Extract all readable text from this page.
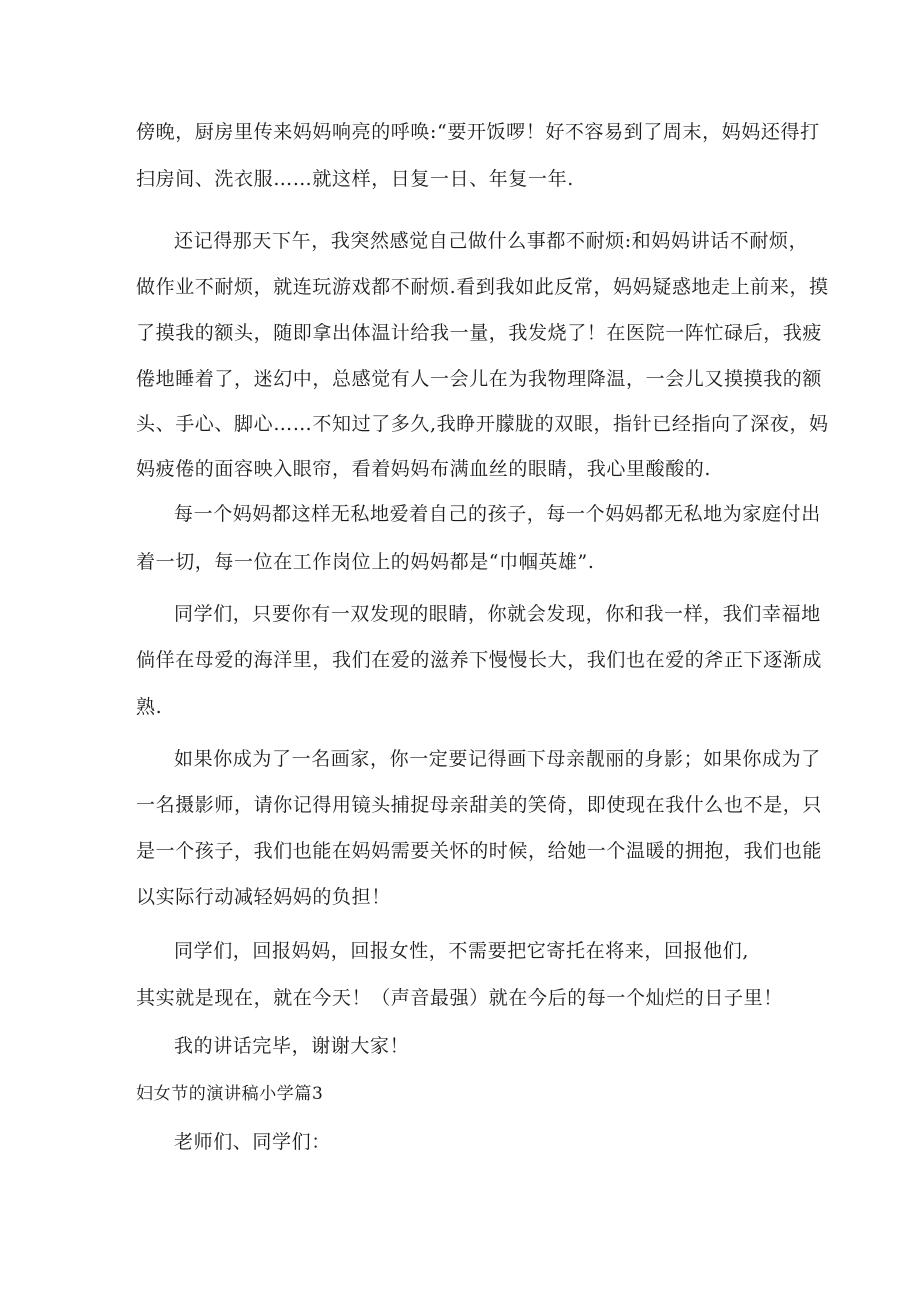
傍晚，厨房里传来妈妈响亮的呼唤:“要开饭啰！好不容易到了周末，妈妈还得打
扫房间、洗衣服……就这样，日复一日、年复一年.
还记得那天下午，我突然感觉自己做什么事都不耐烦:和妈妈讲话不耐烦，
做作业不耐烦，就连玩游戏都不耐烦.看到我如此反常，妈妈疑惑地走上前来，摸
了摸我的额头，随即拿出体温计给我一量，我发烧了！在医院一阵忙碌后，我疲
倦地睡着了，迷幻中，总感觉有人一会儿在为我物理降温，一会儿又摸摸我的额
头、手心、脚心……不知过了多久,我睁开朦胧的双眼，指针已经指向了深夜，妈
妈疲倦的面容映入眼帘，看着妈妈布满血丝的眼睛，我心里酸酸的.
每一个妈妈都这样无私地爱着自己的孩子，每一个妈妈都无私地为家庭付出
着一切，每一位在工作岗位上的妈妈都是“巾帼英雄”.
同学们，只要你有一双发现的眼睛，你就会发现，你和我一样，我们幸福地
倘佯在母爱的海洋里，我们在爱的滋养下慢慢长大，我们也在爱的斧正下逐渐成
熟.
如果你成为了一名画家，你一定要记得画下母亲靓丽的身影；如果你成为了
一名摄影师，请你记得用镜头捕捉母亲甜美的笑倚，即使现在我什么也不是，只
是一个孩子，我们也能在妈妈需要关怀的时候，给她一个温暖的拥抱，我们也能
以实际行动减轻妈妈的负担！
同学们，回报妈妈，回报女性，不需要把它寄托在将来，回报他们,
其实就是现在，就在今天！（声音最强）就在今后的每一个灿烂的日子里！
我的讲话完毕，谢谢大家！
妇女节的演讲稿小学篇3
老师们、同学们：
